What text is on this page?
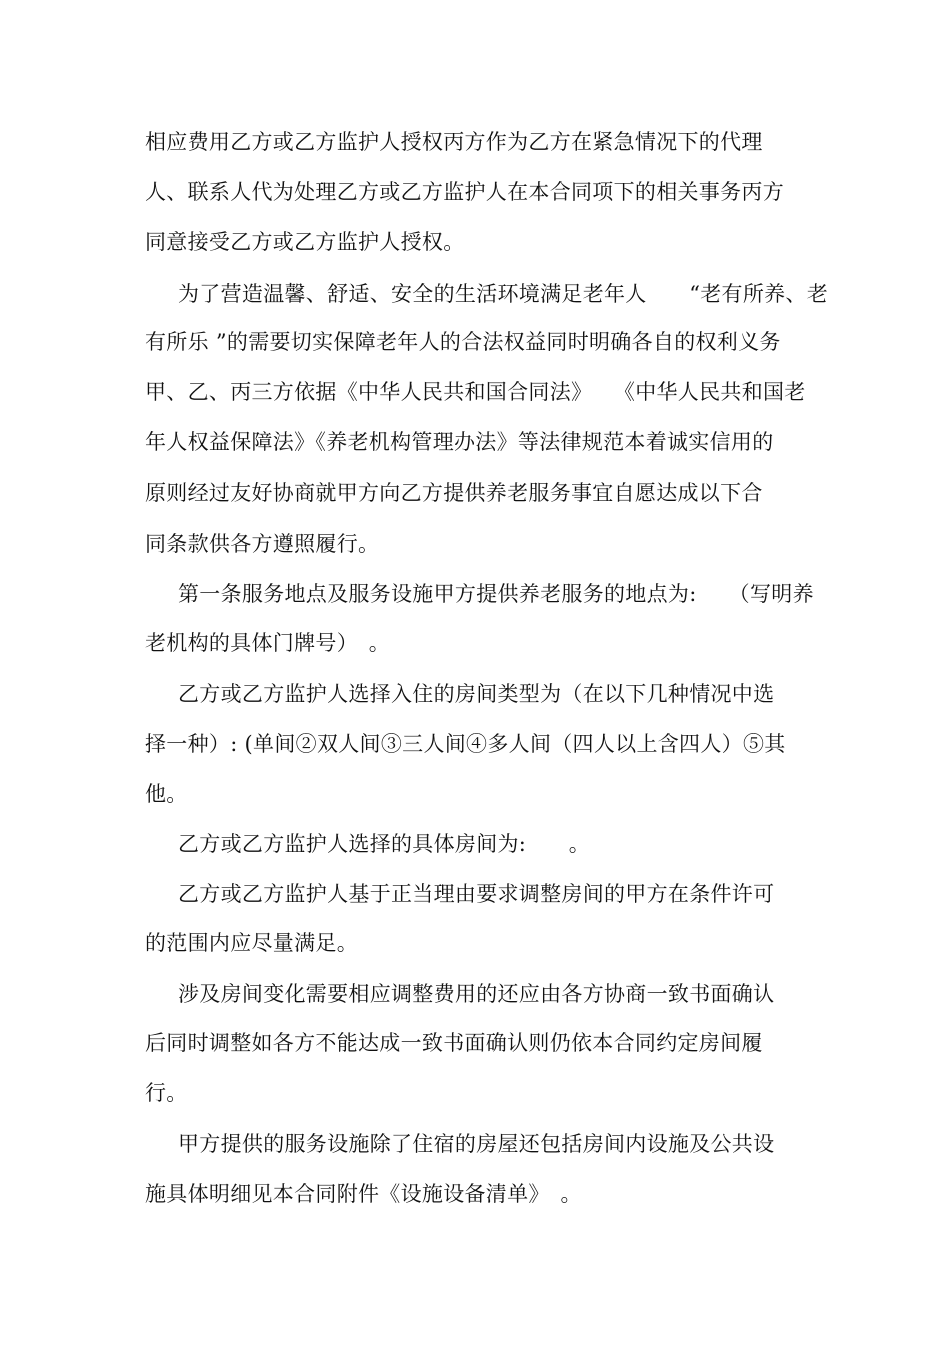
相应费用乙方或乙方监护人授权丙方作为乙方在紧急情况下的代理
人、联系人代为处理乙方或乙方监护人在本合同项下的相关事务丙方
同意接受乙方或乙方监护人授权。
为了营造温馨、舒适、安全的生活环境满足老年人　　“老有所养、老
有所乐 ”的需要切实保障老年人的合法权益同时明确各自的权利义务
甲、乙、丙三方依据《中华人民共和国合同法》　　《中华人民共和国老
年人权益保障法》《养老机构管理办法》等法律规范本着诚实信用的
原则经过友好协商就甲方向乙方提供养老服务事宜自愿达成以下合
同条款供各方遵照履行。
第一条服务地点及服务设施甲方提供养老服务的地点为:　　（写明养
老机构的具体门牌号）　。
乙方或乙方监护人选择入住的房间类型为（在以下几种情况中选
择一种）: (单间②双人间③三人间④多人间（四人以上含四人）⑤其
他。
乙方或乙方监护人选择的具体房间为:　　。
乙方或乙方监护人基于正当理由要求调整房间的甲方在条件许可
的范围内应尽量满足。
涉及房间变化需要相应调整费用的还应由各方协商一致书面确认
后同时调整如各方不能达成一致书面确认则仍依本合同约定房间履
行。
甲方提供的服务设施除了住宿的房屋还包括房间内设施及公共设
施具体明细见本合同附件《设施设备清单》　。
